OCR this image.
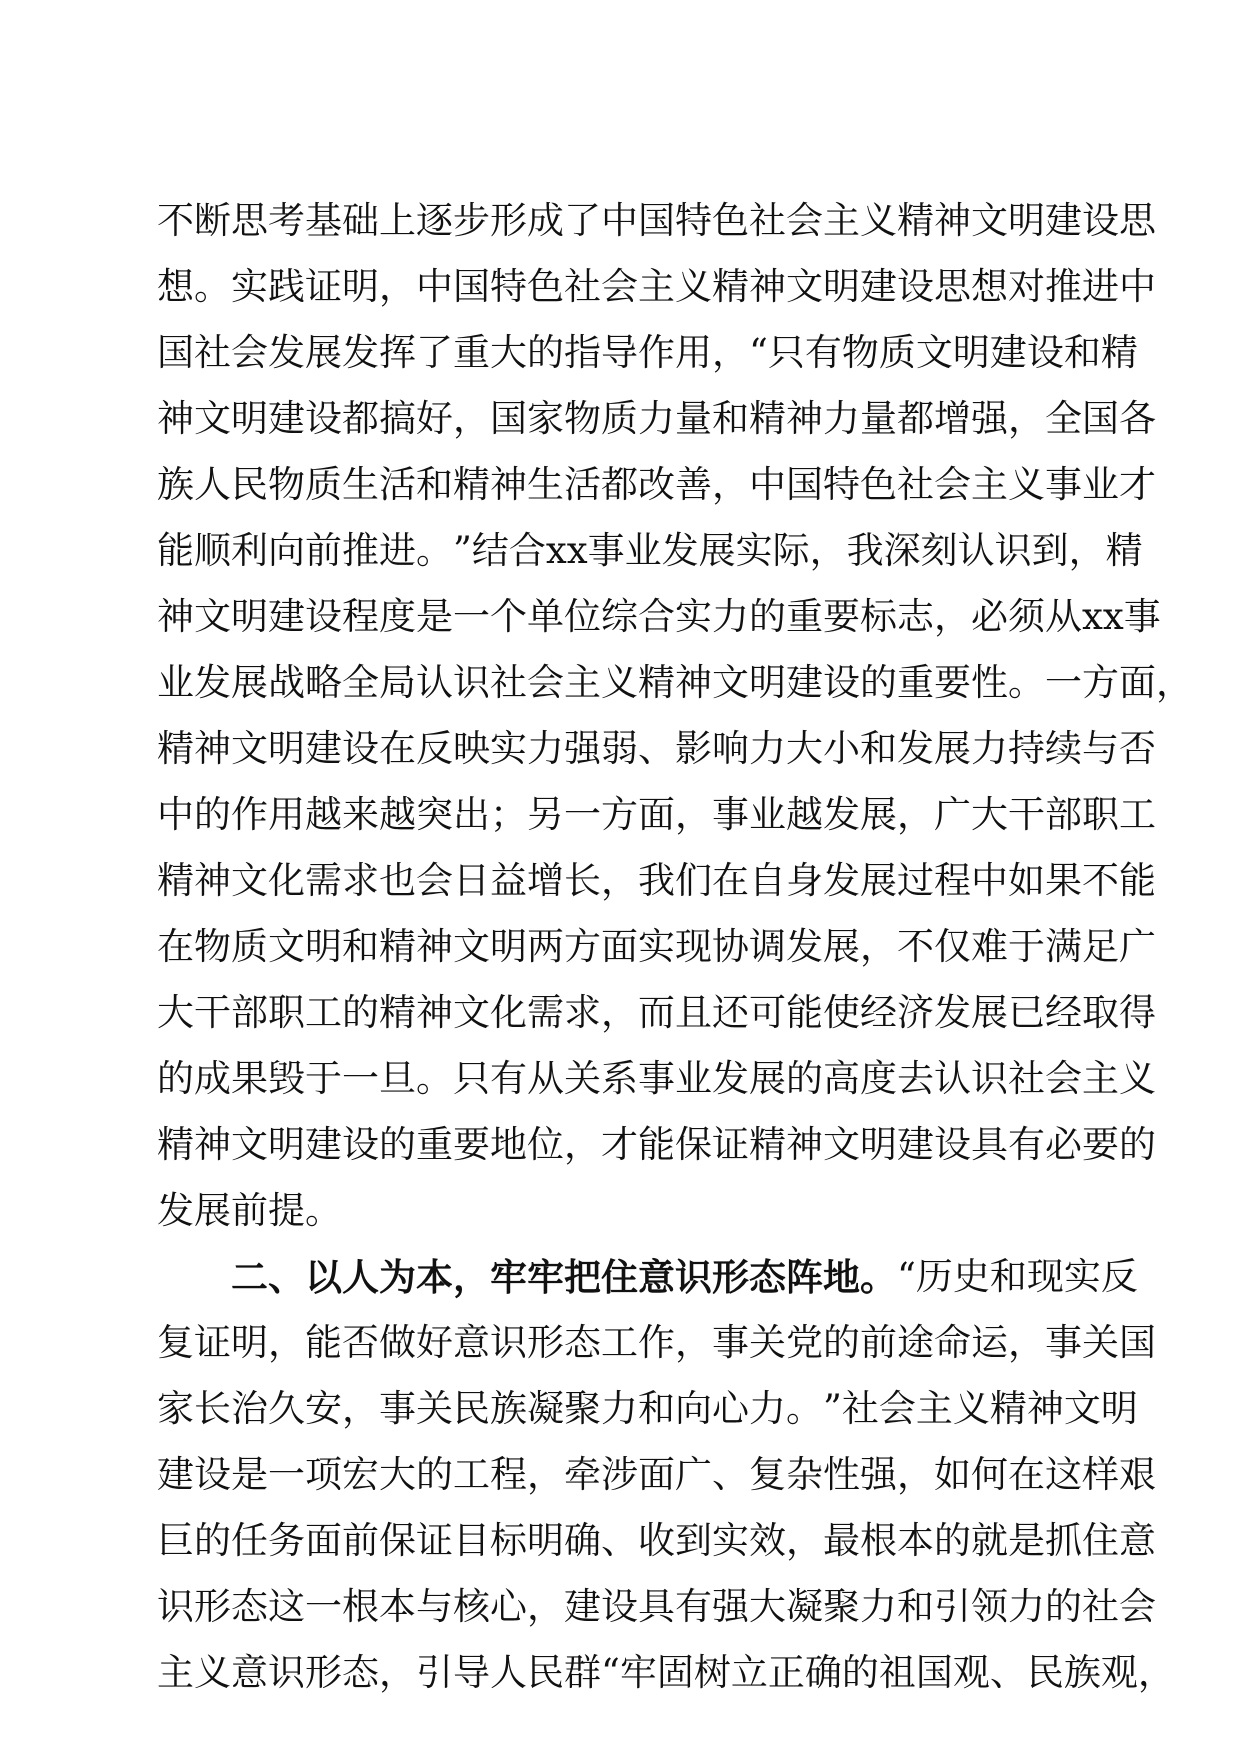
不 断 思 考 基 础 上 逐 步 形 成 了 中 国 特 色 社 会 主 义 精 神 文 明 建 设 思
想 。 实 践 证 明 ， 中 国 特 色 社 会 主 义 精 神 文 明 建 设 思 想 对 推 进 中
国 社 会 发 展 发 挥 了 重 大 的 指 导 作 用 ， “ 只 有 物 质 文 明 建 设 和 精
神 文 明 建 设 都 搞 好 ， 国 家 物 质 力 量 和 精 神 力 量 都 增 强 ， 全 国 各
族 人 民 物 质 生 活 和 精 神 生 活 都 改 善 ， 中 国 特 色 社 会 主 义 事 业 才
能 顺 利 向 前 推 进 。 ” 结 合 xx 事 业 发 展 实 际 ， 我 深 刻 认 识 到 ， 精
神 文 明 建 设 程 度 是 一 个 单 位 综 合 实 力 的 重 要 标 志 ， 必 须 从 xx 事
业 发 展 战 略 全 局 认 识 社 会 主 义 精 神 文 明 建 设 的 重 要 性 。 一 方 面 ，
精 神 文 明 建 设 在 反 映 实 力 强 弱 、 影 响 力 大 小 和 发 展 力 持 续 与 否
中 的 作 用 越 来 越 突 出 ； 另 一 方 面 ， 事 业 越 发 展 ， 广 大 干 部 职 工
精 神 文 化 需 求 也 会 日 益 增 长 ， 我 们 在 自 身 发 展 过 程 中 如 果 不 能
在 物 质 文 明 和 精 神 文 明 两 方 面 实 现 协 调 发 展 ， 不 仅 难 于 满 足 广
大 干 部 职 工 的 精 神 文 化 需 求 ， 而 且 还 可 能 使 经 济 发 展 已 经 取 得
的 成 果 毁 于 一 旦 。 只 有 从 关 系 事 业 发 展 的 高 度 去 认 识 社 会 主 义
精 神 文 明 建 设 的 重 要 地 位 ， 才 能 保 证 精 神 文 明 建 设 具 有 必 要 的
发 展 前 提 。
二 、 以 人 为 本 ， 牢 牢 把 住 意 识 形 态 阵 地 。 “ 历 史 和 现 实 反
复 证 明 ， 能 否 做 好 意 识 形 态 工 作 ， 事 关 党 的 前 途 命 运 ， 事 关 国
家 长 治 久 安 ， 事 关 民 族 凝 聚 力 和 向 心 力 。 ” 社 会 主 义 精 神 文 明
建 设 是 一 项 宏 大 的 工 程 ， 牵 涉 面 广 、 复 杂 性 强 ， 如 何 在 这 样 艰
巨 的 任 务 面 前 保 证 目 标 明 确 、 收 到 实 效 ， 最 根 本 的 就 是 抓 住 意
识 形 态 这 一 根 本 与 核 心 ， 建 设 具 有 强 大 凝 聚 力 和 引 领 力 的 社 会
主 义 意 识 形 态 ， 引 导 人 民 群 “ 牢 固 树 立 正 确 的 祖 国 观 、 民 族 观 ，
